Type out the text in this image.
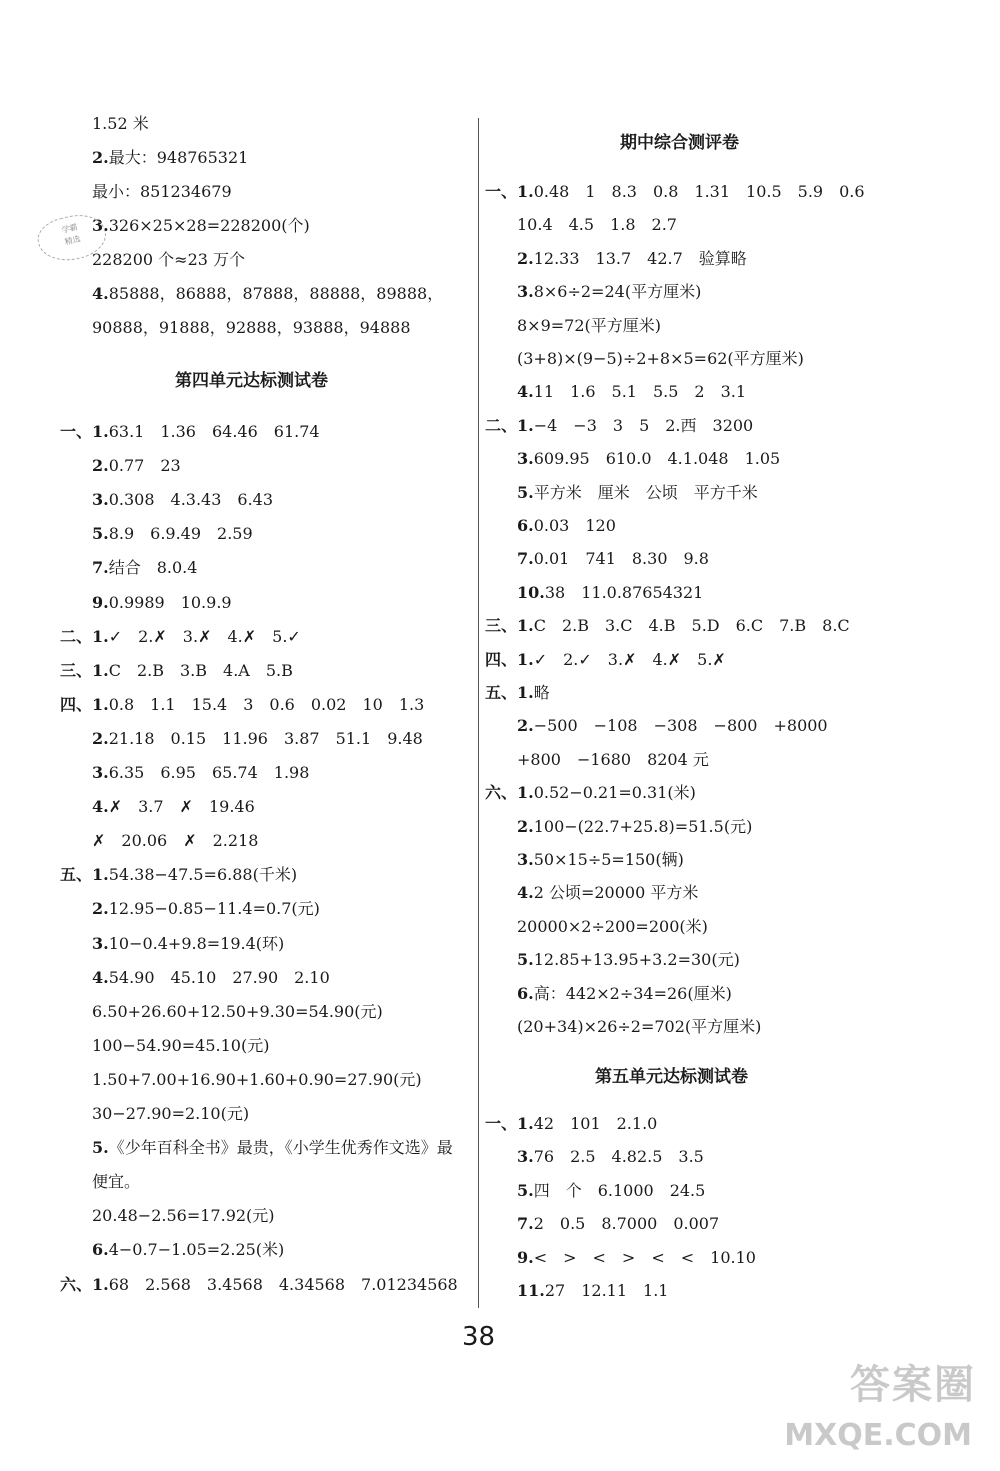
1.52 米
2.最大：948765321
最小：851234679
3.326×25×28=228200(个)
228200 个≈23 万个
4.85888，86888，87888，88888，89888，
90888，91888，92888，93888，94888
第四单元达标测试卷
一、1.63.1　1.36　64.46　61.74
2.0.77　23
3.0.308　4.3.43　6.43
5.8.9　6.9.49　2.59
7.结合　8.0.4
9.0.9989　10.9.9
二、1.✓　2.✗　3.✗　4.✗　5.✓
三、1.C　2.B　3.B　4.A　5.B
四、1.0.8　1.1　15.4　3　0.6　0.02　10　1.3
2.21.18　0.15　11.96　3.87　51.1　9.48
3.6.35　6.95　65.74　1.98
4.✗　3.7　✗　19.46
✗　20.06　✗　2.218
五、1.54.38−47.5=6.88(千米)
2.12.95−0.85−11.4=0.7(元)
3.10−0.4+9.8=19.4(环)
4.54.90　45.10　27.90　2.10
6.50+26.60+12.50+9.30=54.90(元)
100−54.90=45.10(元)
1.50+7.00+16.90+1.60+0.90=27.90(元)
30−27.90=2.10(元)
5.《少年百科全书》最贵，《小学生优秀作文选》最
便宜。
20.48−2.56=17.92(元)
6.4−0.7−1.05=2.25(米)
六、1.68　2.568　3.4568　4.34568　7.01234568
学霸
精选
期中综合测评卷
一、1.0.48　1　8.3　0.8　1.31　10.5　5.9　0.6
10.4　4.5　1.8　2.7
2.12.33　13.7　42.7　验算略
3.8×6÷2=24(平方厘米)
8×9=72(平方厘米)
(3+8)×(9−5)÷2+8×5=62(平方厘米)
4.11　1.6　5.1　5.5　2　3.1
二、1.−4　−3　3　5　2.西　3200
3.609.95　610.0　4.1.048　1.05
5.平方米　厘米　公顷　平方千米
6.0.03　120
7.0.01　741　8.30　9.8
10.38　11.0.87654321
三、1.C　2.B　3.C　4.B　5.D　6.C　7.B　8.C
四、1.✓　2.✓　3.✗　4.✗　5.✗
五、1.略
2.−500　−108　−308　−800　+8000
+800　−1680　8204 元
六、1.0.52−0.21=0.31(米)
2.100−(22.7+25.8)=51.5(元)
3.50×15÷5=150(辆)
4.2 公顷=20000 平方米
20000×2÷200=200(米)
5.12.85+13.95+3.2=30(元)
6.高：442×2÷34=26(厘米)
(20+34)×26÷2=702(平方厘米)
第五单元达标测试卷
一、1.42　101　2.1.0
3.76　2.5　4.82.5　3.5
5.四　个　6.1000　24.5
7.2　0.5　8.7000　0.007
9.<　>　<　>　<　<　10.10
11.27　12.11　1.1
38
答案圈
MXQE.COM
